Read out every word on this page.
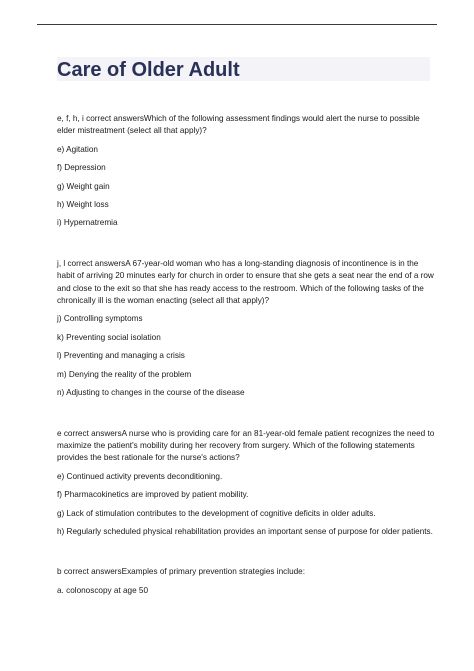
Care of Older Adult

e, f, h, i correct answersWhich of the following assessment findings would alert the nurse to possible elder mistreatment (select all that apply)?

e) Agitation

f) Depression

g) Weight gain

h) Weight loss

i) Hypernatremia

j, l correct answersA 67-year-old woman who has a long-standing diagnosis of incontinence is in the habit of arriving 20 minutes early for church in order to ensure that she gets a seat near the end of a row and close to the exit so that she has ready access to the restroom. Which of the following tasks of the chronically ill is the woman enacting (select all that apply)?

j) Controlling symptoms

k) Preventing social isolation

l) Preventing and managing a crisis

m) Denying the reality of the problem

n) Adjusting to changes in the course of the disease

e correct answersA nurse who is providing care for an 81-year-old female patient recognizes the need to maximize the patient's mobility during her recovery from surgery. Which of the following statements provides the best rationale for the nurse's actions?

e) Continued activity prevents deconditioning.

f) Pharmacokinetics are improved by patient mobility.

g) Lack of stimulation contributes to the development of cognitive deficits in older adults.

h) Regularly scheduled physical rehabilitation provides an important sense of purpose for older patients.

b correct answersExamples of primary prevention strategies include:

a. colonoscopy at age 50
